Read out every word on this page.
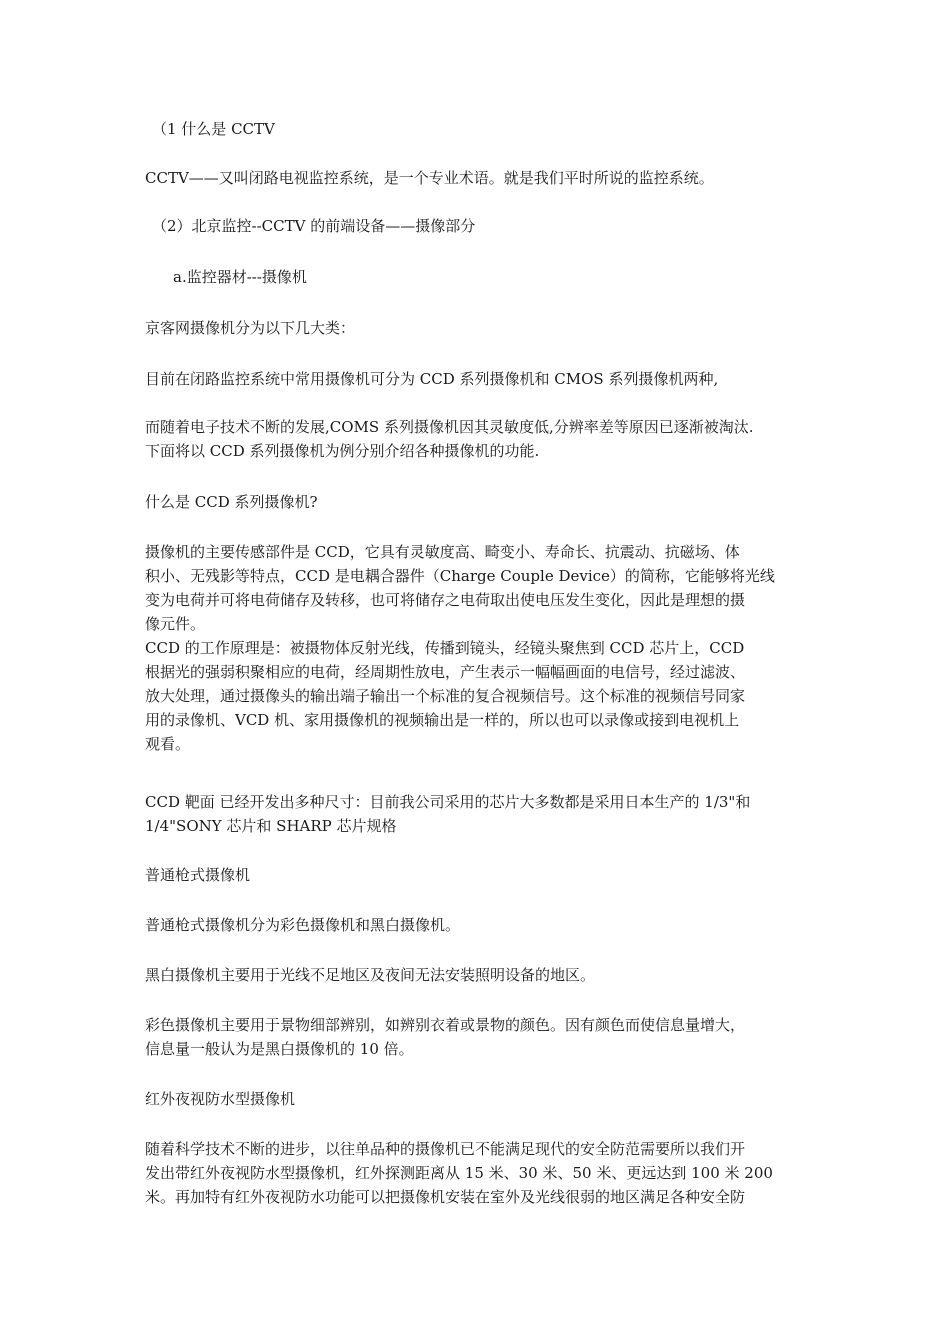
（1 什么是 CCTV
CCTV——又叫闭路电视监控系统，是一个专业术语。就是我们平时所说的监控系统。
（2）北京监控--CCTV 的前端设备——摄像部分
a.监控器材---摄像机
京客网摄像机分为以下几大类：
目前在闭路监控系统中常用摄像机可分为 CCD 系列摄像机和 CMOS 系列摄像机两种,
而随着电子技术不断的发展,COMS 系列摄像机因其灵敏度低,分辨率差等原因已逐渐被淘汰.
下面将以 CCD 系列摄像机为例分别介绍各种摄像机的功能.
什么是 CCD 系列摄像机?
摄像机的主要传感部件是 CCD，它具有灵敏度高、畸变小、寿命长、抗震动、抗磁场、体
积小、无残影等特点，CCD 是电耦合器件（Charge Couple Device）的简称，它能够将光线
变为电荷并可将电荷储存及转移，也可将储存之电荷取出使电压发生变化，因此是理想的摄
像元件。
CCD 的工作原理是：被摄物体反射光线，传播到镜头，经镜头聚焦到 CCD 芯片上，CCD
根据光的强弱积聚相应的电荷，经周期性放电，产生表示一幅幅画面的电信号，经过滤波、
放大处理，通过摄像头的输出端子输出一个标准的复合视频信号。这个标准的视频信号同家
用的录像机、VCD 机、家用摄像机的视频输出是一样的，所以也可以录像或接到电视机上
观看。
CCD 靶面 已经开发出多种尺寸：目前我公司采用的芯片大多数都是采用日本生产的 1/3"和
1/4"SONY 芯片和 SHARP 芯片规格
普通枪式摄像机
普通枪式摄像机分为彩色摄像机和黑白摄像机。
黑白摄像机主要用于光线不足地区及夜间无法安装照明设备的地区。
彩色摄像机主要用于景物细部辨别，如辨别衣着或景物的颜色。因有颜色而使信息量增大，
信息量一般认为是黑白摄像机的 10 倍。
红外夜视防水型摄像机
随着科学技术不断的进步，以往单品种的摄像机已不能满足现代的安全防范需要所以我们开
发出带红外夜视防水型摄像机，红外探测距离从 15 米、30 米、50 米、更远达到 100 米 200
米。再加特有红外夜视防水功能可以把摄像机安装在室外及光线很弱的地区满足各种安全防
